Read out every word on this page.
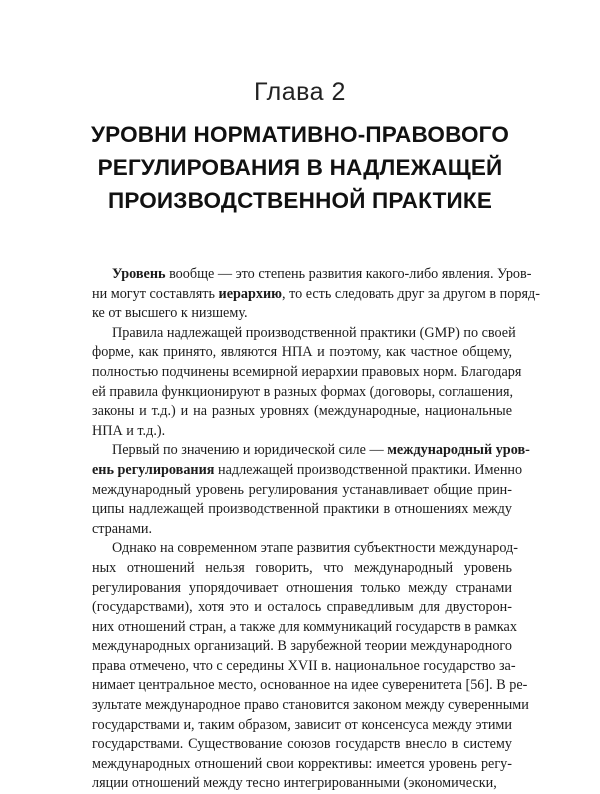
Глава 2
УРОВНИ НОРМАТИВНО-ПРАВОВОГО
РЕГУЛИРОВАНИЯ В НАДЛЕЖАЩЕЙ
ПРОИЗВОДСТВЕННОЙ ПРАКТИКЕ
Уровень вообще — это степень развития какого-либо явления. Уров-
ни могут составлять иерархию, то есть следовать друг за другом в поряд-
ке от высшего к низшему.
Правила надлежащей производственной практики (GMP) по своей
форме, как принято, являются НПА и поэтому, как частное общему,
полностью подчинены всемирной иерархии правовых норм. Благодаря
ей правила функционируют в разных формах (договоры, соглашения,
законы и т.д.) и на разных уровнях (международные, национальные
НПА и т.д.).
Первый по значению и юридической силе — международный уров-
ень регулирования надлежащей производственной практики. Именно
международный уровень регулирования устанавливает общие прин-
ципы надлежащей производственной практики в отношениях между
странами.
Однако на современном этапе развития субъектности международ-
ных отношений нельзя говорить, что международный уровень
регулирования упорядочивает отношения только между странами
(государствами), хотя это и осталось справедливым для двусторон-
них отношений стран, а также для коммуникаций государств в рамках
международных организаций. В зарубежной теории международного
права отмечено, что с середины XVII в. национальное государство за-
нимает центральное место, основанное на идее суверенитета [56]. В ре-
зультате международное право становится законом между суверенными
государствами и, таким образом, зависит от консенсуса между этими
государствами. Существование союзов государств внесло в систему
международных отношений свои коррективы: имеется уровень регу-
ляции отношений между тесно интегрированными (экономически,
